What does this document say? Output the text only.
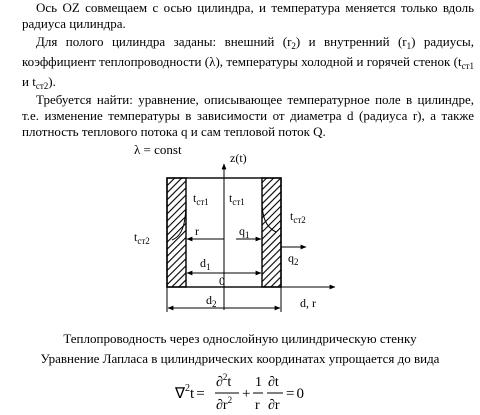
Ось OZ совмещаем с осью цилиндра, и температура меняется только вдоль радиуса цилиндра.
Для полого цилиндра заданы: внешний $(r_2)$ и внутренний $(r_1)$ радиусы, коэффициент теплопроводности (λ), температуры холодной и горячей стенок ($t_{ст1}$ и $t_{ст2}$).
Требуется найти: уравнение, описывающее температурное поле в цилиндре, т.е. изменение температуры в зависимости от диаметра d (радиуса r), а также плотность теплового потока q и сам тепловой поток Q.
λ = const
z(t)
$t_{ст1}$ $t_{ст1}$
$t_{ст2}$
$t_{ст2}$
r	$q_1$
$q_2$
$d_1$
0
d, r
$d_2$
Теплопроводность через однослойную цилиндрическую стенку
Уравнение Лапласа в цилиндрических координатах упрощается до вида
∇$^2$t =
∂$^2$t
$\partial r^2$ +
1
r
∂t
∂r
= 0
